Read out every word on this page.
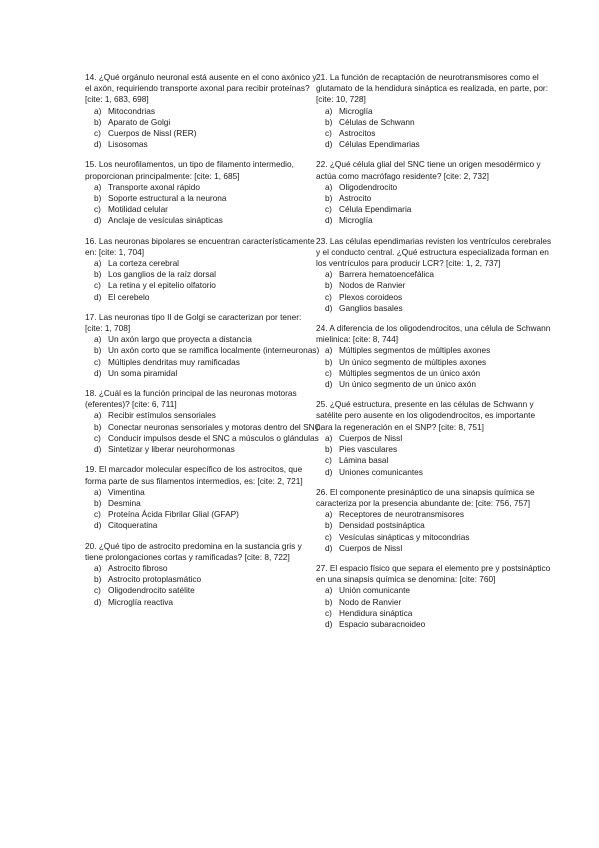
14. ¿Qué orgánulo neuronal está ausente en el cono axónico y el axón, requiriendo transporte axonal para recibir proteínas? [cite: 1, 683, 698]

a) Mitocondrias
b) Aparato de Golgi
c) Cuerpos de Nissl (RER)
d) Lisosomas

15. Los neurofilamentos, un tipo de filamento intermedio, proporcionan principalmente: [cite: 1, 685]

a) Transporte axonal rápido
b) Soporte estructural a la neurona
c) Motilidad celular
d) Anclaje de vesículas sinápticas

16. Las neuronas bipolares se encuentran característicamente en: [cite: 1, 704]

a) La corteza cerebral
b) Los ganglios de la raíz dorsal
c) La retina y el epitelio olfatorio
d) El cerebelo

17. Las neuronas tipo II de Golgi se caracterizan por tener: [cite: 1, 708]

a) Un axón largo que proyecta a distancia
b) Un axón corto que se ramifica localmente (interneuronas)
c) Múltiples dendritas muy ramificadas
d) Un soma piramidal

18. ¿Cuál es la función principal de las neuronas motoras (eferentes)? [cite: 6, 711]

a) Recibir estímulos sensoriales
b) Conectar neuronas sensoriales y motoras dentro del SNC
c) Conducir impulsos desde el SNC a músculos o glándulas
d) Sintetizar y liberar neurohormonas

19. El marcador molecular específico de los astrocitos, que forma parte de sus filamentos intermedios, es: [cite: 2, 721]

a) Vimentina
b) Desmina
c) Proteína Ácida Fibrilar Glial (GFAP)
d) Citoqueratina

20. ¿Qué tipo de astrocito predomina en la sustancia gris y tiene prolongaciones cortas y ramificadas? [cite: 8, 722]

a) Astrocito fibroso
b) Astrocito protoplasmático
c) Oligodendrocito satélite
d) Microglía reactiva

21. La función de recaptación de neurotransmisores como el glutamato de la hendidura sináptica es realizada, en parte, por: [cite: 10, 728]

a) Microglía
b) Células de Schwann
c) Astrocitos
d) Células Ependimarias

22. ¿Qué célula glial del SNC tiene un origen mesodérmico y actúa como macrófago residente? [cite: 2, 732]

a) Oligodendrocito
b) Astrocito
c) Célula Ependimaria
d) Microglía

23. Las células ependimarias revisten los ventrículos cerebrales y el conducto central. ¿Qué estructura especializada forman en los ventrículos para producir LCR? [cite: 1, 2, 737]

a) Barrera hematoencefálica
b) Nodos de Ranvier
c) Plexos coroideos
d) Ganglios basales

24. A diferencia de los oligodendrocitos, una célula de Schwann mielinica: [cite: 8, 744]

a) Múltiples segmentos de múltiples axones
b) Un único segmento de múltiples axones
c) Múltiples segmentos de un único axón
d) Un único segmento de un único axón

25. ¿Qué estructura, presente en las células de Schwann y satélite pero ausente en los oligodendrocitos, es importante para la regeneración en el SNP? [cite: 8, 751]

a) Cuerpos de Nissl
b) Pies vasculares
c) Lámina basal
d) Uniones comunicantes

26. El componente presináptico de una sinapsis química se caracteriza por la presencia abundante de: [cite: 756, 757]

a) Receptores de neurotransmisores
b) Densidad postsináptica
c) Vesículas sinápticas y mitocondrias
d) Cuerpos de Nissl

27. El espacio físico que separa el elemento pre y postsináptico en una sinapsis química se denomina: [cite: 760]

a) Unión comunicante
b) Nodo de Ranvier
c) Hendidura sináptica
d) Espacio subaracnoideo
